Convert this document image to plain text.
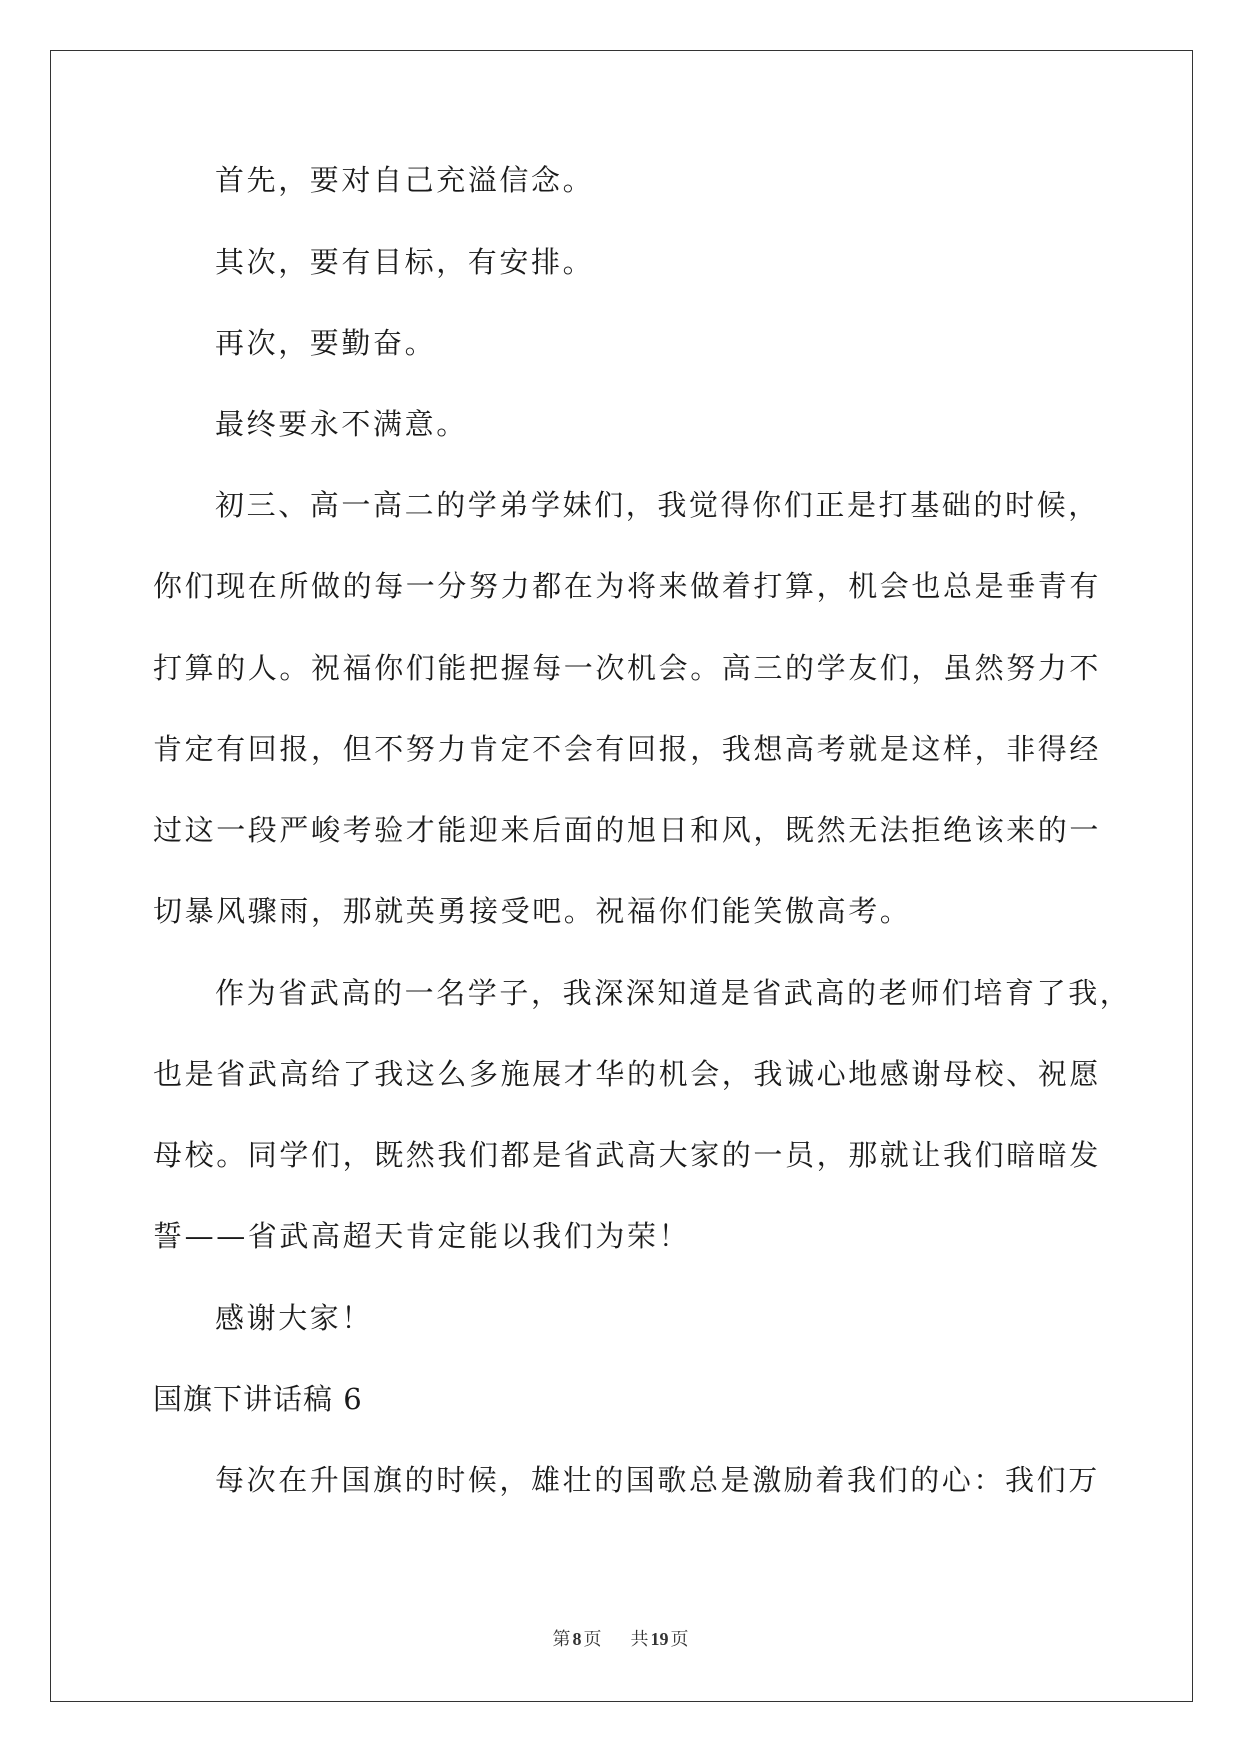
首先，要对自己充溢信念。
其次，要有目标，有安排。
再次，要勤奋。
最终要永不满意。
初三、高一高二的学弟学妹们，我觉得你们正是打基础的时候，
你们现在所做的每一分努力都在为将来做着打算，机会也总是垂青有
打算的人。祝福你们能把握每一次机会。高三的学友们，虽然努力不
肯定有回报，但不努力肯定不会有回报，我想高考就是这样，非得经
过这一段严峻考验才能迎来后面的旭日和风，既然无法拒绝该来的一
切暴风骤雨，那就英勇接受吧。祝福你们能笑傲高考。
作为省武高的一名学子，我深深知道是省武高的老师们培育了我，
也是省武高给了我这么多施展才华的机会，我诚心地感谢母校、祝愿
母校。同学们，既然我们都是省武高大家的一员，那就让我们暗暗发
誓——省武高超天肯定能以我们为荣！
感谢大家！
国旗下讲话稿 6
每次在升国旗的时候，雄壮的国歌总是激励着我们的心：我们万
第 8 页 共 19 页
